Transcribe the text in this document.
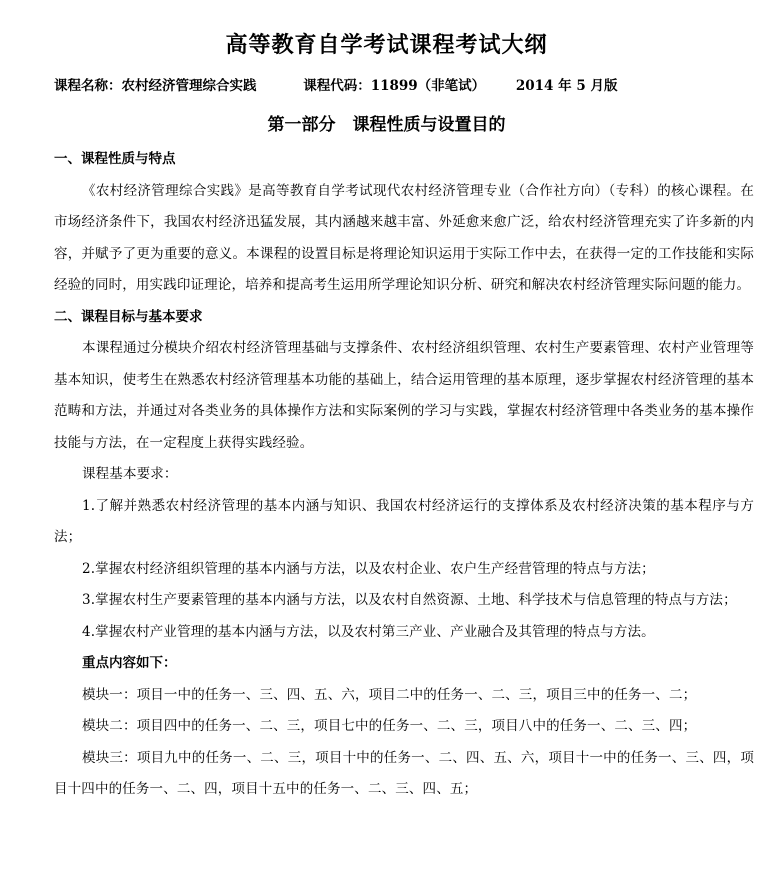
高等教育自学考试课程考试大纲
课程名称：农村经济管理综合实践	课程代码：11899（非笔试） 2014 年 5 月版
第一部分　课程性质与设置目的

一、课程性质与特点

《农村经济管理综合实践》是高等教育自学考试现代农村经济管理专业（合作社方向）（专科）的核心课程。在市场经济条件下，我国农村经济迅猛发展，其内涵越来越丰富、外延愈来愈广泛，给农村经济管理充实了许多新的内容，并赋予了更为重要的意义。本课程的设置目标是将理论知识运用于实际工作中去，在获得一定的工作技能和实际经验的同时，用实践印证理论，培养和提高考生运用所学理论知识分析、研究和解决农村经济管理实际问题的能力。

二、课程目标与基本要求

本课程通过分模块介绍农村经济管理基础与支撑条件、农村经济组织管理、农村生产要素管理、农村产业管理等基本知识，使考生在熟悉农村经济管理基本功能的基础上，结合运用管理的基本原理，逐步掌握农村经济管理的基本范畴和方法，并通过对各类业务的具体操作方法和实际案例的学习与实践，掌握农村经济管理中各类业务的基本操作技能与方法，在一定程度上获得实践经验。

课程基本要求：

1.了解并熟悉农村经济管理的基本内涵与知识、我国农村经济运行的支撑体系及农村经济决策的基本程序与方法；

2.掌握农村经济组织管理的基本内涵与方法，以及农村企业、农户生产经营管理的特点与方法；

3.掌握农村生产要素管理的基本内涵与方法，以及农村自然资源、土地、科学技术与信息管理的特点与方法；

4.掌握农村产业管理的基本内涵与方法，以及农村第三产业、产业融合及其管理的特点与方法。

重点内容如下：

模块一：项目一中的任务一、三、四、五、六，项目二中的任务一、二、三，项目三中的任务一、二；

模块二：项目四中的任务一、二、三，项目七中的任务一、二、三，项目八中的任务一、二、三、四；

模块三：项目九中的任务一、二、三，项目十中的任务一、二、四、五、六，项目十一中的任务一、三、四，项目十四中的任务一、二、四，项目十五中的任务一、二、三、四、五；
